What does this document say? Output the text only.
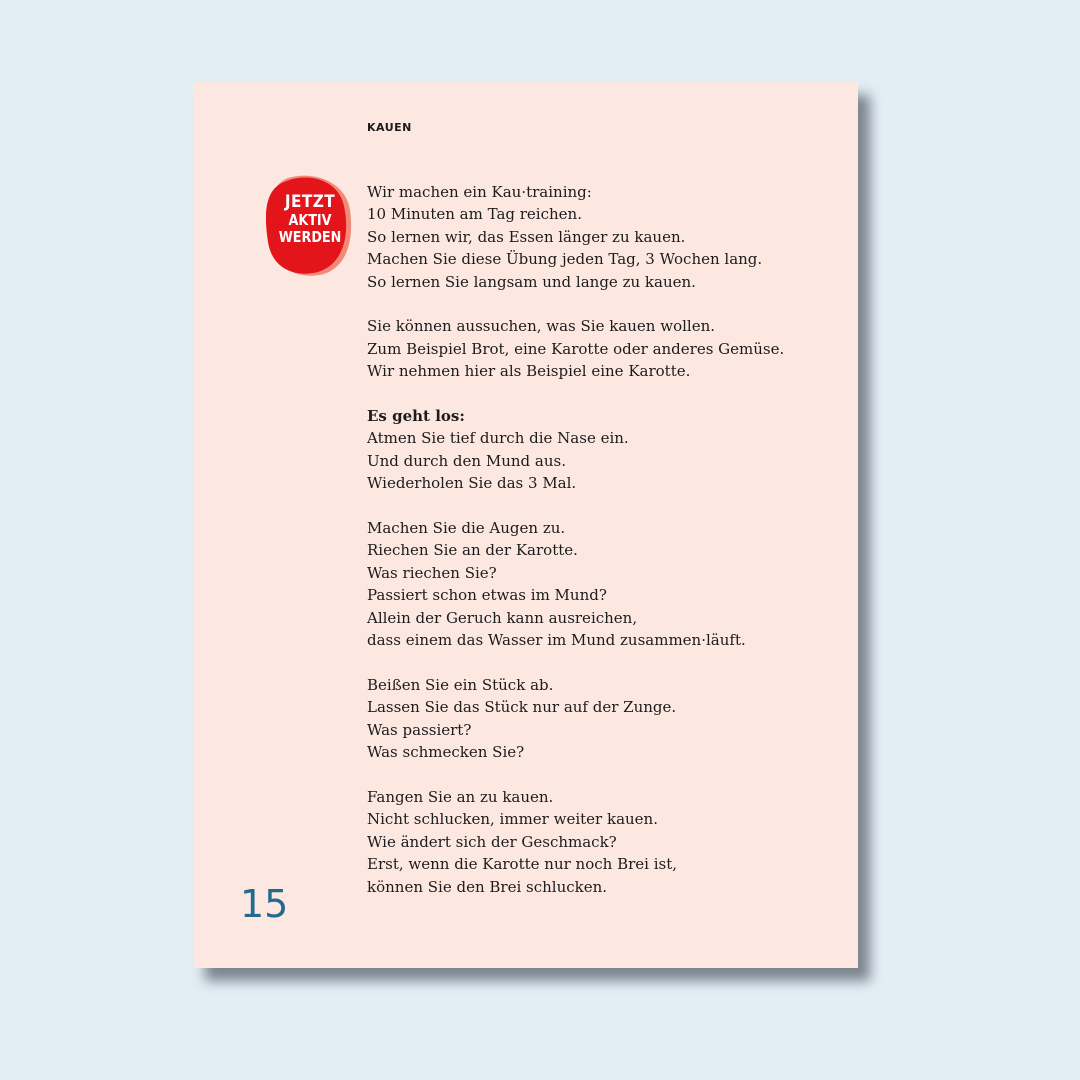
KAUEN
JETZT
AKTIV
WERDEN

Wir machen ein Kau·training:
10 Minuten am Tag reichen.
So lernen wir, das Essen länger zu kauen.
Machen Sie diese Übung jeden Tag, 3 Wochen lang.
So lernen Sie langsam und lange zu kauen.

Sie können aussuchen, was Sie kauen wollen.
Zum Beispiel Brot, eine Karotte oder anderes Gemüse.
Wir nehmen hier als Beispiel eine Karotte.

Es geht los:
Atmen Sie tief durch die Nase ein.
Und durch den Mund aus.
Wiederholen Sie das 3 Mal.

Machen Sie die Augen zu.
Riechen Sie an der Karotte.
Was riechen Sie?
Passiert schon etwas im Mund?
Allein der Geruch kann ausreichen,
dass einem das Wasser im Mund zusammen·läuft.

Beißen Sie ein Stück ab.
Lassen Sie das Stück nur auf der Zunge.
Was passiert?
Was schmecken Sie?

Fangen Sie an zu kauen.
Nicht schlucken, immer weiter kauen.
Wie ändert sich der Geschmack?
Erst, wenn die Karotte nur noch Brei ist,
können Sie den Brei schlucken.

15
